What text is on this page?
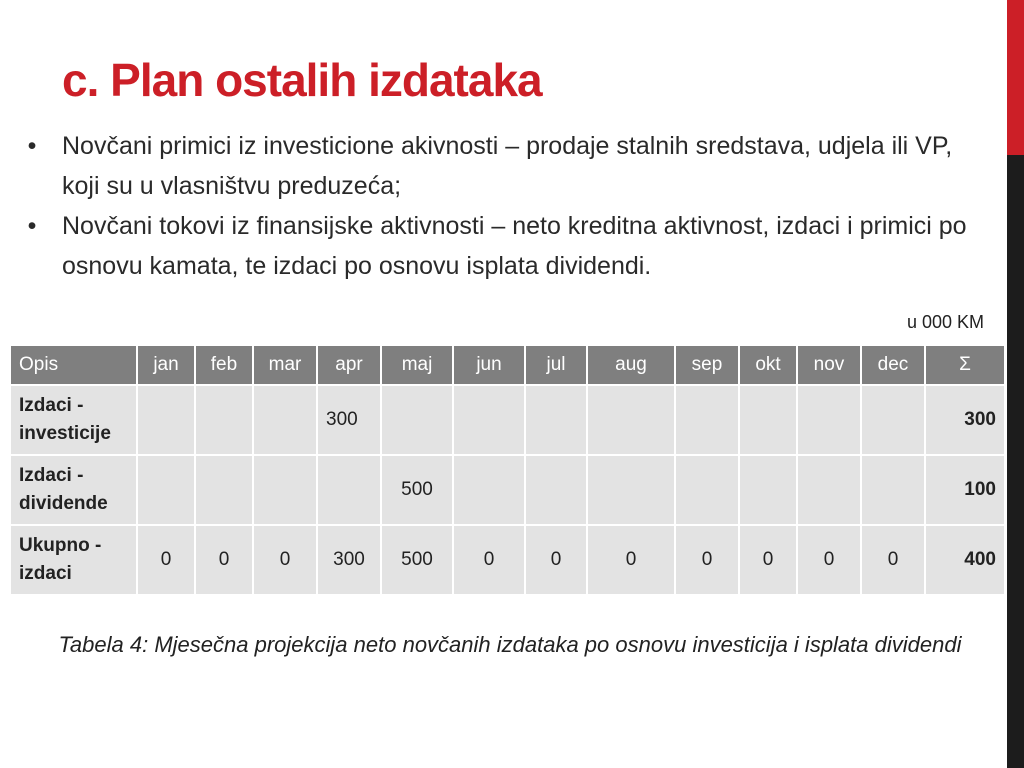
c. Plan ostalih izdataka
• Novčani primici iz investicione akivnosti – prodaje stalnih sredstava, udjela ili VP, koji su u vlasništvu preduzeća;
• Novčani tokovi iz finansijske aktivnosti – neto kreditna aktivnost, izdaci i primici po osnovu kamata, te izdaci po osnovu isplata dividendi.
u 000 KM
Opis	jan	feb	mar	apr	maj	jun	jul	aug	sep	okt	nov	dec	Σ
Izdaci - investicije				300									300
Izdaci - dividende					500								100
Ukupno - izdaci	0	0	0	300	500	0	0	0	0	0	0	0	400
Tabela 4: Mjesečna projekcija neto novčanih izdataka po osnovu investicija i isplata dividendi
